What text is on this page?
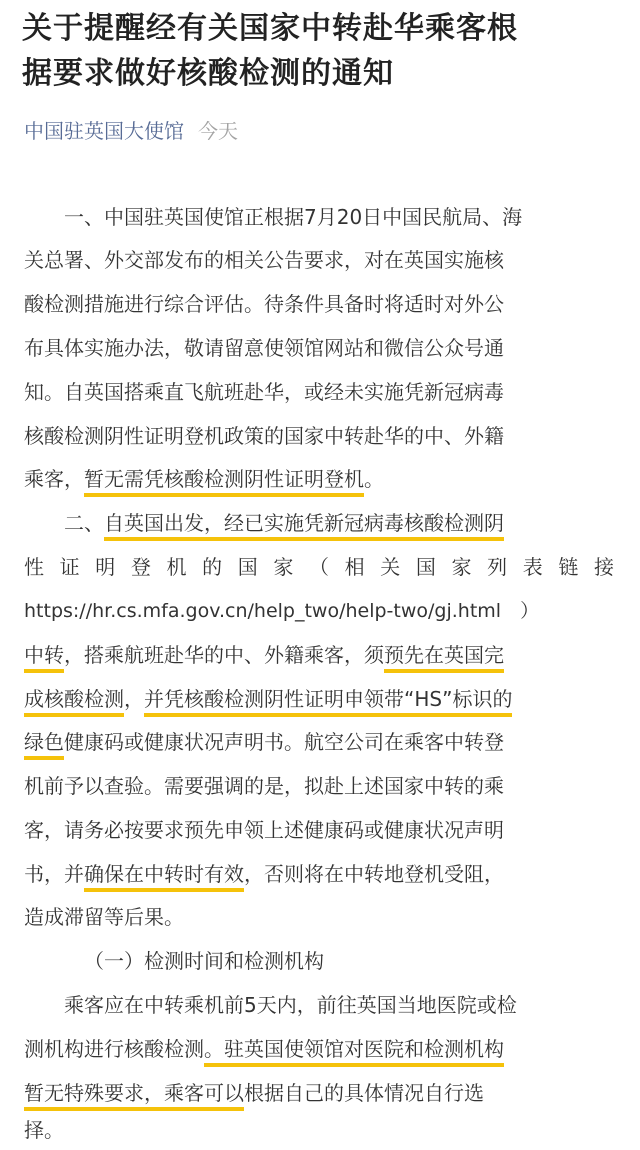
关于提醒经有关国家中转赴华乘客根
据要求做好核酸检测的通知
中国驻英国大使馆 今天
一、中国驻英国使馆正根据7月20日中国民航局、海
关总署、外交部发布的相关公告要求，对在英国实施核
酸检测措施进行综合评估。待条件具备时将适时对外公
布具体实施办法，敬请留意使领馆网站和微信公众号通
知。自英国搭乘直飞航班赴华，或经未实施凭新冠病毒
核酸检测阴性证明登机政策的国家中转赴华的中、外籍
乘客，暂无需凭核酸检测阴性证明登机。
二、自英国出发，经已实施凭新冠病毒核酸检测阴
性 证 明 登 机 的 国 家 （ 相 关 国 家 列 表 链 接
https://hr.cs.mfa.gov.cn/help_two/help-two/gj.html　）
中转，搭乘航班赴华的中、外籍乘客，须预先在英国完
成核酸检测，并凭核酸检测阴性证明申领带“HS”标识的
绿色健康码或健康状况声明书。航空公司在乘客中转登
机前予以查验。需要强调的是，拟赴上述国家中转的乘
客，请务必按要求预先申领上述健康码或健康状况声明
书，并确保在中转时有效，否则将在中转地登机受阻，
造成滞留等后果。
（一）检测时间和检测机构
乘客应在中转乘机前5天内，前往英国当地医院或检
测机构进行核酸检测。驻英国使领馆对医院和检测机构
暂无特殊要求，乘客可以根据自己的具体情况自行选
择。
